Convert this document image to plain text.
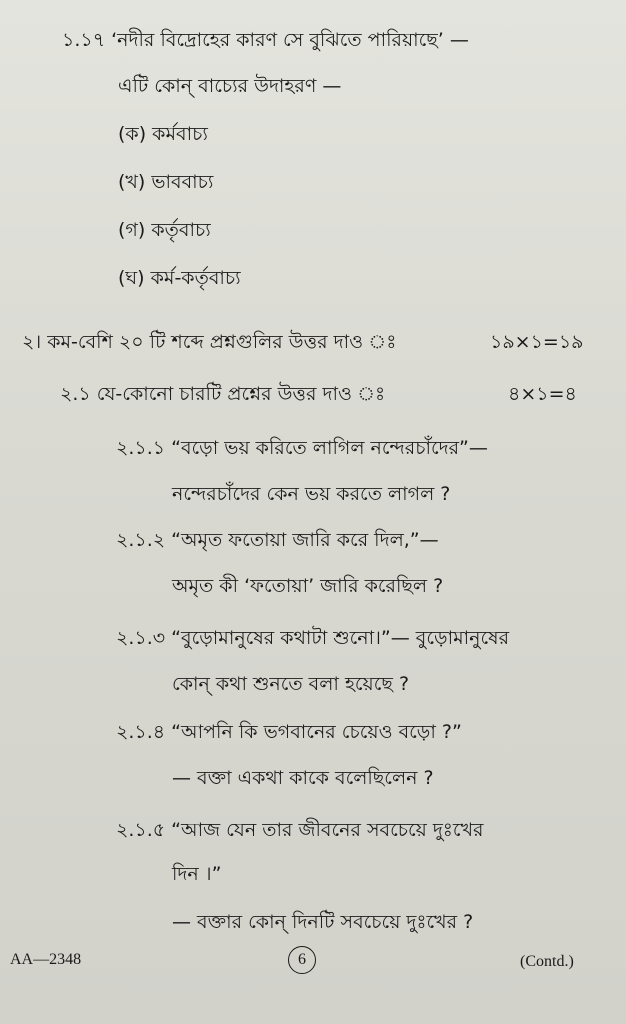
১.১৭ ‘নদীর বিদ্রোহের কারণ সে বুঝিতে পারিয়াছে’ —
এটি কোন্ বাচ্যের উদাহরণ —
(ক) কর্মবাচ্য
(খ) ভাববাচ্য
(গ) কর্তৃবাচ্য
(ঘ) কর্ম-কর্তৃবাচ্য
২। কম-বেশি ২০ টি শব্দে প্রশ্নগুলির উত্তর দাও ঃ	১৯×১=১৯
২.১ যে-কোনো চারটি প্রশ্নের উত্তর দাও ঃ	৪×১=৪
২.১.১ “বড়ো ভয় করিতে লাগিল নন্দেরচাঁদের”—
নন্দেরচাঁদের কেন ভয় করতে লাগল ?
২.১.২ “অমৃত ফতোয়া জারি করে দিল,”—
অমৃত কী ‘ফতোয়া’ জারি করেছিল ?
২.১.৩ “বুড়োমানুষের কথাটা শুনো।”— বুড়োমানুষের
কোন্ কথা শুনতে বলা হয়েছে ?
২.১.৪ “আপনি কি ভগবানের চেয়েও বড়ো ?”
— বক্তা একথা কাকে বলেছিলেন ?
২.১.৫ “আজ যেন তার জীবনের সবচেয়ে দুঃখের
দিন ।”
— বক্তার কোন্ দিনটি সবচেয়ে দুঃখের ?
AA—2348	6	(Contd.)
